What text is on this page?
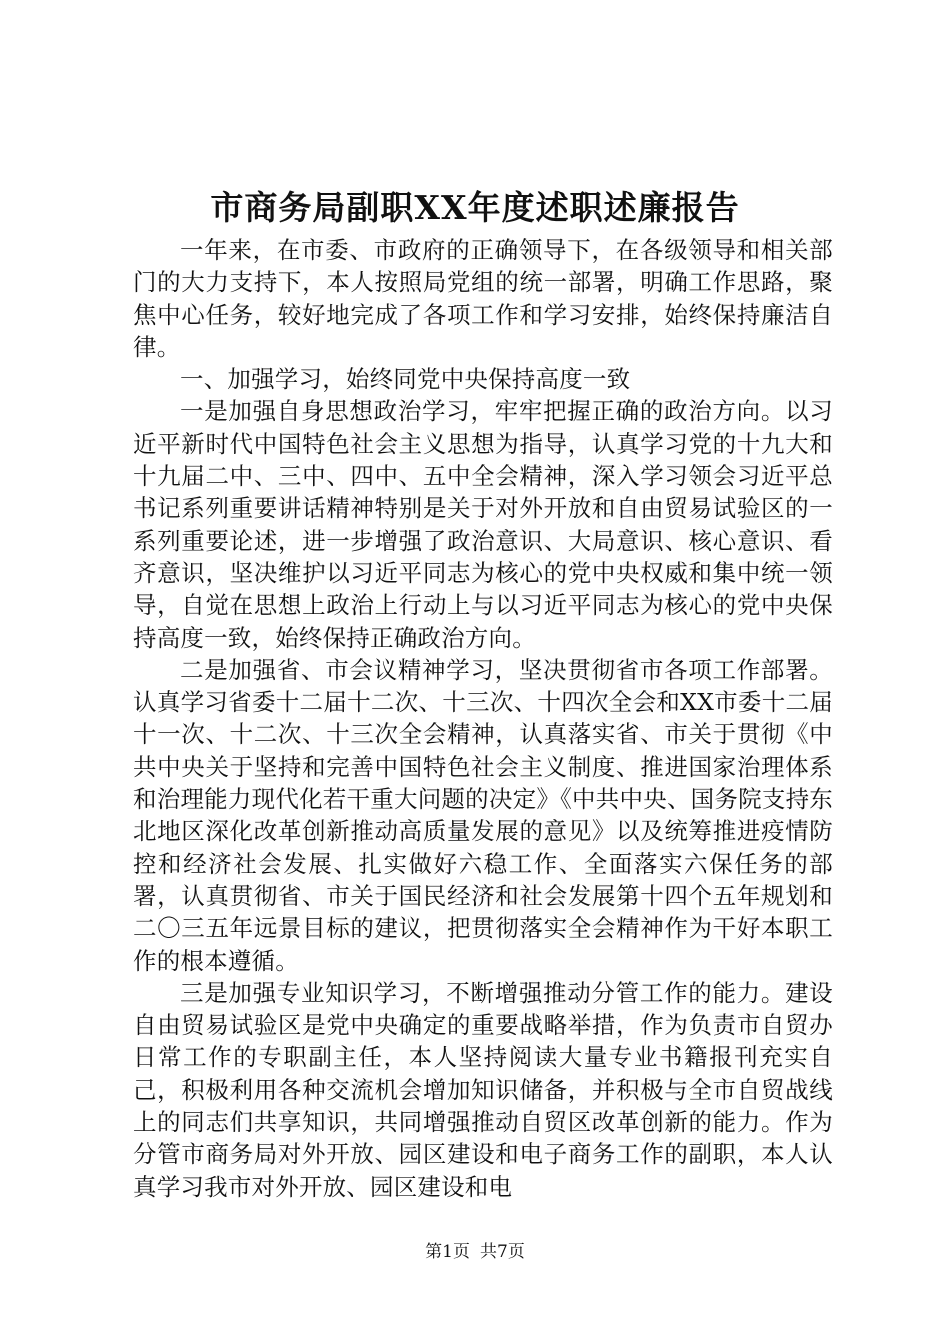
市商务局副职XX年度述职述廉报告

一年来，在市委、市政府的正确领导下，在各级领导和相关部门的大力支持下，本人按照局党组的统一部署，明确工作思路，聚焦中心任务，较好地完成了各项工作和学习安排，始终保持廉洁自律。

一、加强学习，始终同党中央保持高度一致

一是加强自身思想政治学习，牢牢把握正确的政治方向。以习近平新时代中国特色社会主义思想为指导，认真学习党的十九大和十九届二中、三中、四中、五中全会精神，深入学习领会习近平总书记系列重要讲话精神特别是关于对外开放和自由贸易试验区的一系列重要论述，进一步增强了政治意识、大局意识、核心意识、看齐意识，坚决维护以习近平同志为核心的党中央权威和集中统一领导，自觉在思想上政治上行动上与以习近平同志为核心的党中央保持高度一致，始终保持正确政治方向。

二是加强省、市会议精神学习，坚决贯彻省市各项工作部署。认真学习省委十二届十二次、十三次、十四次全会和XX市委十二届十一次、十二次、十三次全会精神，认真落实省、市关于贯彻《中共中央关于坚持和完善中国特色社会主义制度、推进国家治理体系和治理能力现代化若干重大问题的决定》《中共中央、国务院支持东北地区深化改革创新推动高质量发展的意见》以及统筹推进疫情防控和经济社会发展、扎实做好六稳工作、全面落实六保任务的部署，认真贯彻省、市关于国民经济和社会发展第十四个五年规划和二〇三五年远景目标的建议，把贯彻落实全会精神作为干好本职工作的根本遵循。

三是加强专业知识学习，不断增强推动分管工作的能力。建设自由贸易试验区是党中央确定的重要战略举措，作为负责市自贸办日常工作的专职副主任，本人坚持阅读大量专业书籍报刊充实自己，积极利用各种交流机会增加知识储备，并积极与全市自贸战线上的同志们共享知识，共同增强推动自贸区改革创新的能力。作为分管市商务局对外开放、园区建设和电子商务工作的副职，本人认真学习我市对外开放、园区建设和电

第1页 共7页
